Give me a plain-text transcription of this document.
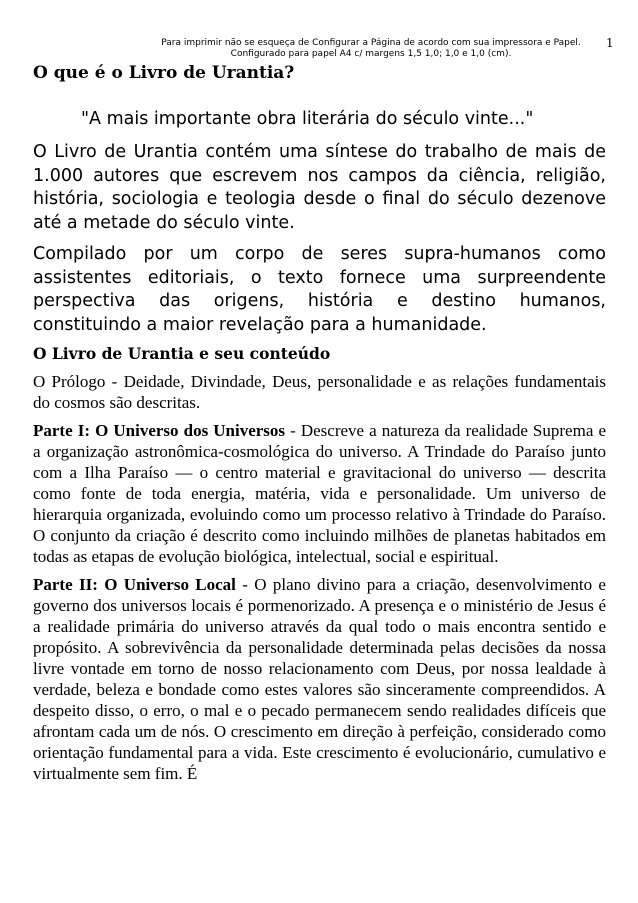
Para imprimir não se esqueça de Configurar a Página de acordo com sua impressora e Papel.
Configurado para papel A4 c/ margens 1,5 1,0; 1,0 e 1,0 (cm).
1
O que é o Livro de Urantia?

"A mais importante obra literária do século vinte..."

O Livro de Urantia contém uma síntese do trabalho de mais de 1.000 autores que escrevem nos campos da ciência, religião, história, sociologia e teologia desde o final do século dezenove até a metade do século vinte.

Compilado por um corpo de seres supra-humanos como assistentes editoriais, o texto fornece uma surpreendente perspectiva das origens, história e destino humanos, constituindo a maior revelação para a humanidade.

O Livro de Urantia e seu conteúdo

O Prólogo - Deidade, Divindade, Deus, personalidade e as relações fundamentais do cosmos são descritas.

Parte I: O Universo dos Universos - Descreve a natureza da realidade Suprema e a organização astronômica-cosmológica do universo. A Trindade do Paraíso junto com a Ilha Paraíso — o centro material e gravitacional do universo — descrita como fonte de toda energia, matéria, vida e personalidade. Um universo de hierarquia organizada, evoluindo como um processo relativo à Trindade do Paraíso. O conjunto da criação é descrito como incluindo milhões de planetas habitados em todas as etapas de evolução biológica, intelectual, social e espiritual.

Parte II: O Universo Local - O plano divino para a criação, desenvolvimento e governo dos universos locais é pormenorizado. A presença e o ministério de Jesus é a realidade primária do universo através da qual todo o mais encontra sentido e propósito. A sobrevivência da personalidade determinada pelas decisões da nossa livre vontade em torno de nosso relacionamento com Deus, por nossa lealdade à verdade, beleza e bondade como estes valores são sinceramente compreendidos. A despeito disso, o erro, o mal e o pecado permanecem sendo realidades difíceis que afrontam cada um de nós. O crescimento em direção à perfeição, considerado como orientação fundamental para a vida. Este crescimento é evolucionário, cumulativo e virtualmente sem fim. É
